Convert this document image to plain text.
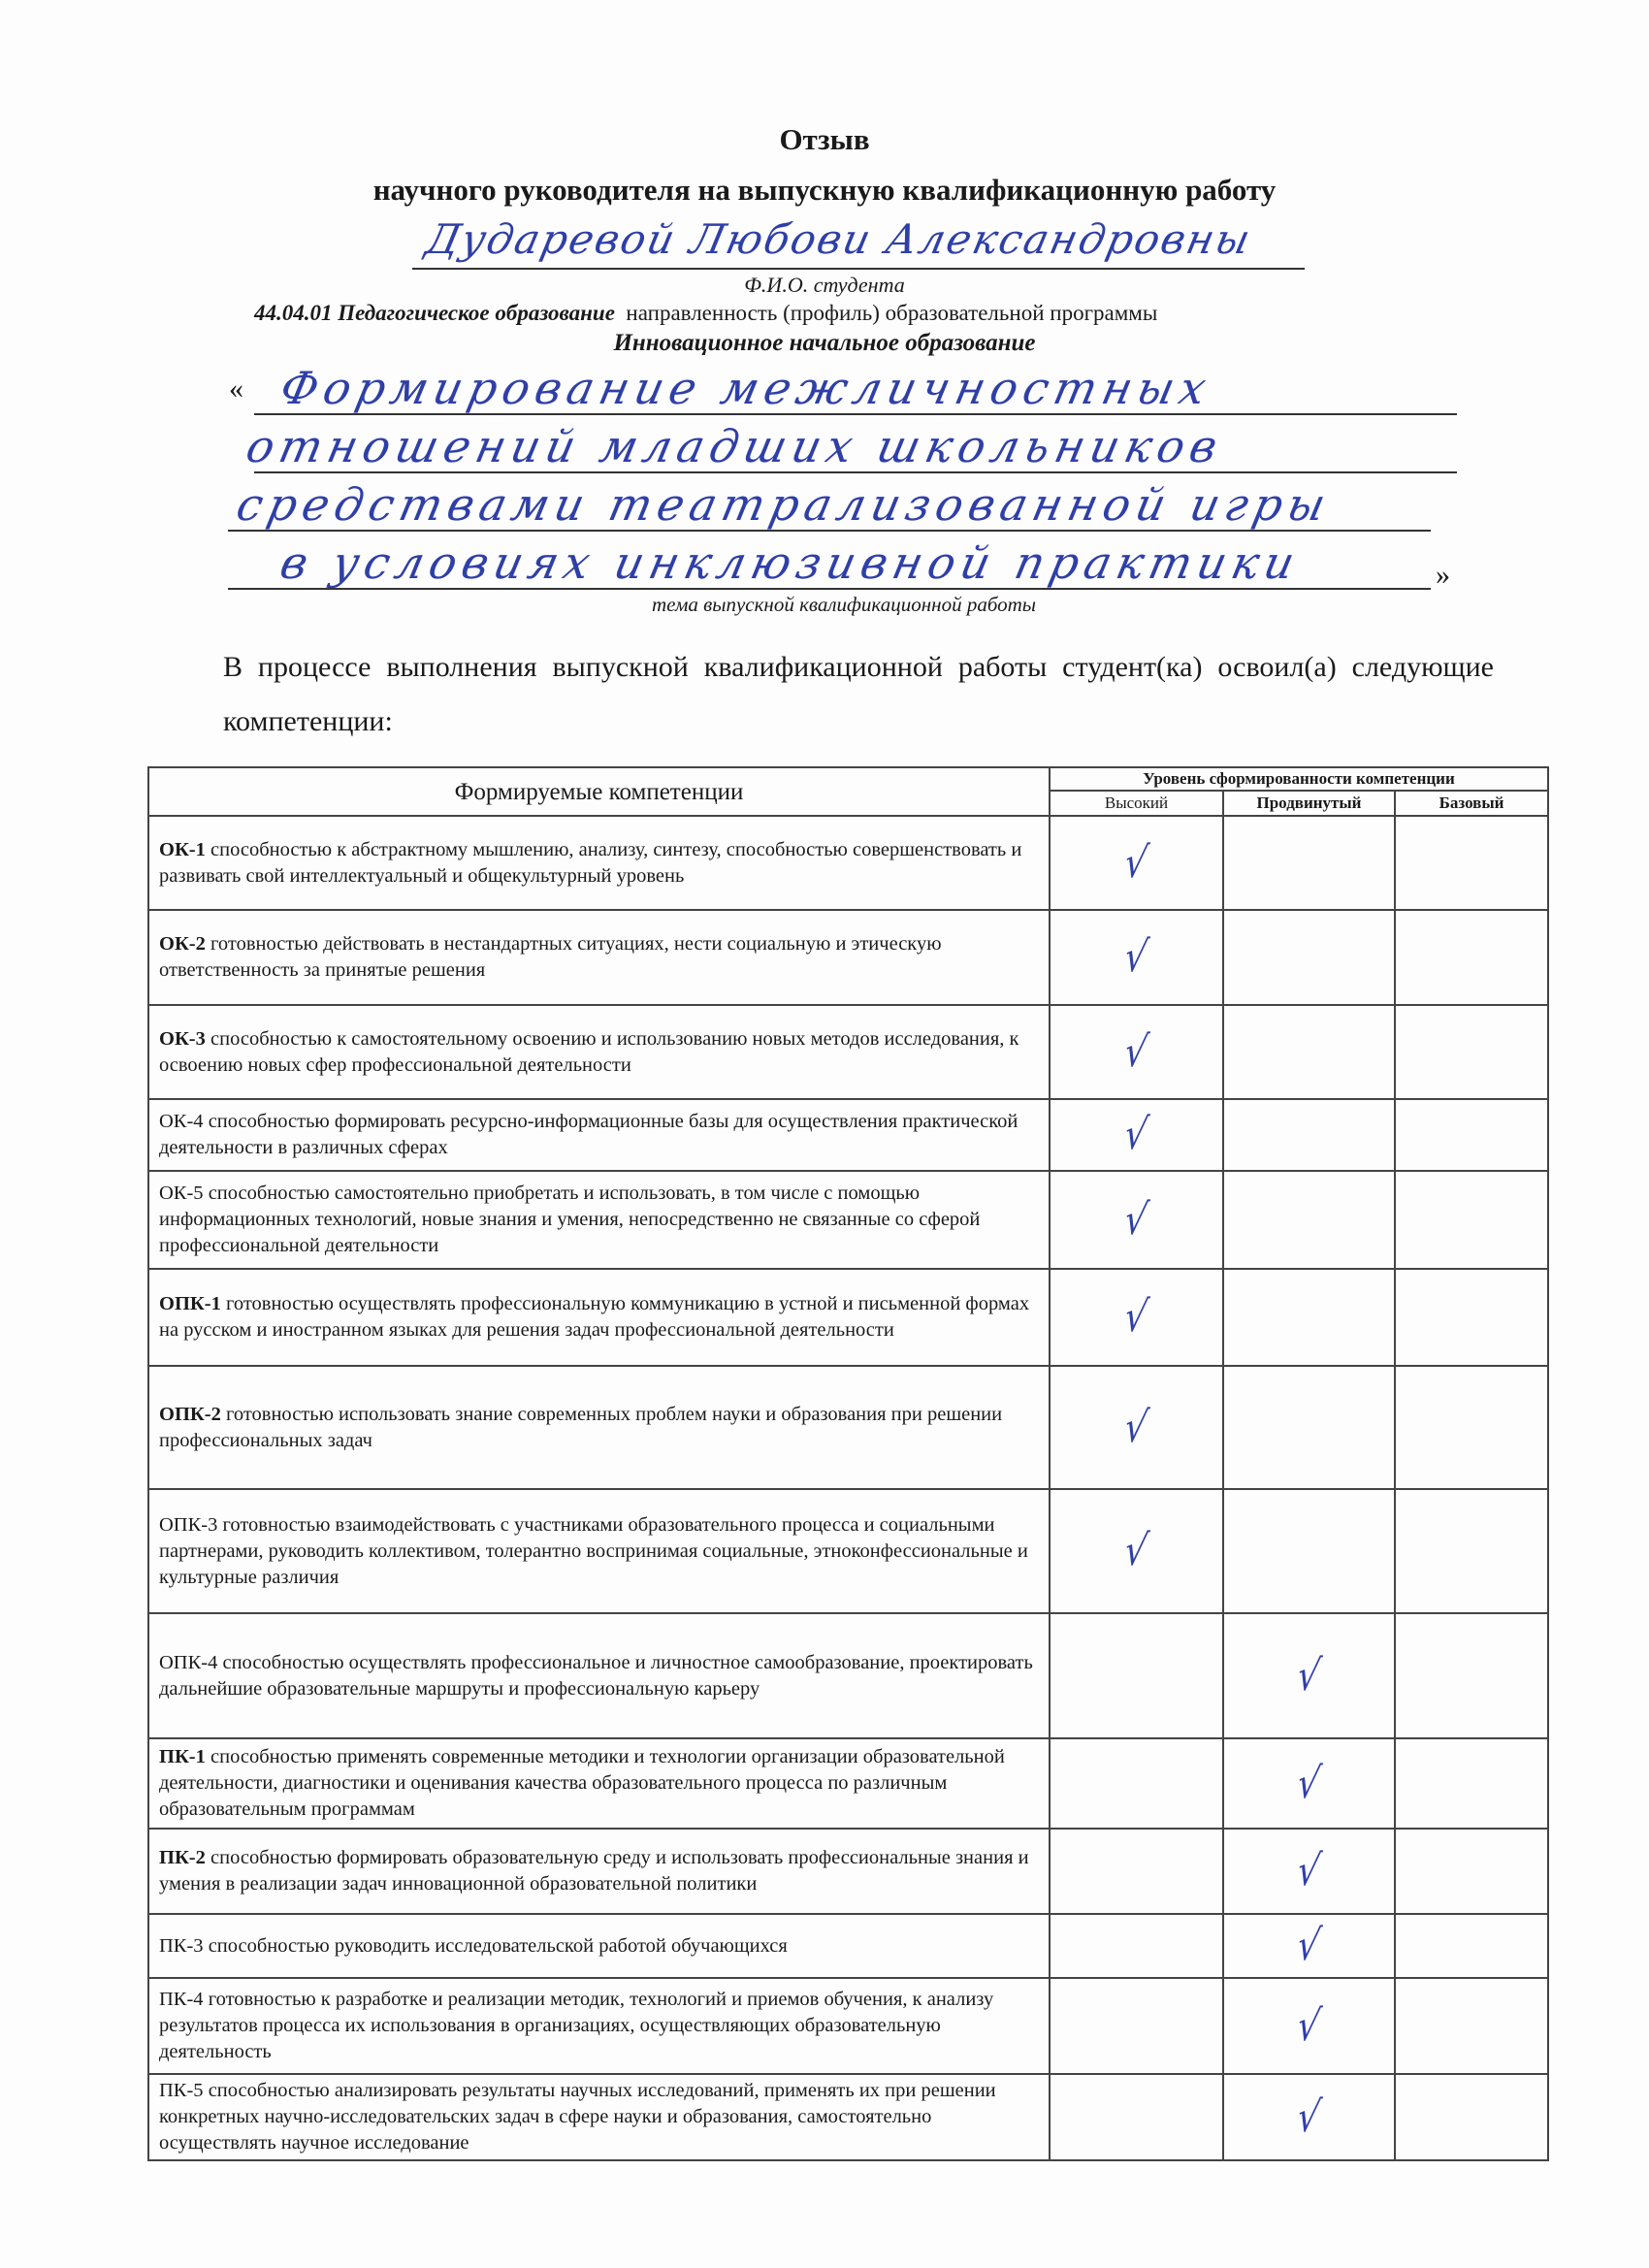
Отзыв
научного руководителя на выпускную квалификационную работу
Дударевой Любови Александровны
Ф.И.О. студента
44.04.01 Педагогическое образование направленность (профиль) образовательной программы
Инновационное начальное образование
« Формирование межличностных
отношений младших школьников
средствами театрализованной игры
в условиях инклюзивной практики	»
тема выпускной квалификационной работы
В процессе выполнения выпускной квалификационной работы студент(ка) освоил(а) следующие компетенции:
Формируемые компетенции	Уровень сформированности компетенции		
	Высокий	Продвинутый	Базовый
ОК-1 способностью к абстрактному мышлению, анализу, синтезу, способностью совершенствовать и развивать свой интеллектуальный и общекультурный уровень	√		
ОК-2 готовностью действовать в нестандартных ситуациях, нести социальную и этическую ответственность за принятые решения	√		
ОК-3 способностью к самостоятельному освоению и использованию новых методов исследования, к освоению новых сфер профессиональной деятельности	√		
ОК-4 способностью формировать ресурсно-информационные базы для осуществления практической деятельности в различных сферах	√		
ОК-5 способностью самостоятельно приобретать и использовать, в том числе с помощью информационных технологий, новые знания и умения, непосредственно не связанные со сферой профессиональной деятельности	√		
ОПК-1 готовностью осуществлять профессиональную коммуникацию в устной и письменной формах на русском и иностранном языках для решения задач профессиональной деятельности	√		
ОПК-2 готовностью использовать знание современных проблем науки и образования при решении профессиональных задач	√		
ОПК-3 готовностью взаимодействовать с участниками образовательного процесса и социальными партнерами, руководить коллективом, толерантно воспринимая социальные, этноконфессиональные и культурные различия	√		
ОПК-4 способностью осуществлять профессиональное и личностное самообразование, проектировать дальнейшие образовательные маршруты и профессиональную карьеру		√	
ПК-1 способностью применять современные методики и технологии организации образовательной деятельности, диагностики и оценивания качества образовательного процесса по различным образовательным программам		√	
ПК-2 способностью формировать образовательную среду и использовать профессиональные знания и умения в реализации задач инновационной образовательной политики		√	
ПК-3 способностью руководить исследовательской работой обучающихся		√	
ПК-4 готовностью к разработке и реализации методик, технологий и приемов обучения, к анализу результатов процесса их использования в организациях, осуществляющих образовательную деятельность		√	
ПК-5 способностью анализировать результаты научных исследований, применять их при решении конкретных научно-исследовательских задач в сфере науки и образования, самостоятельно осуществлять научное исследование		√	
